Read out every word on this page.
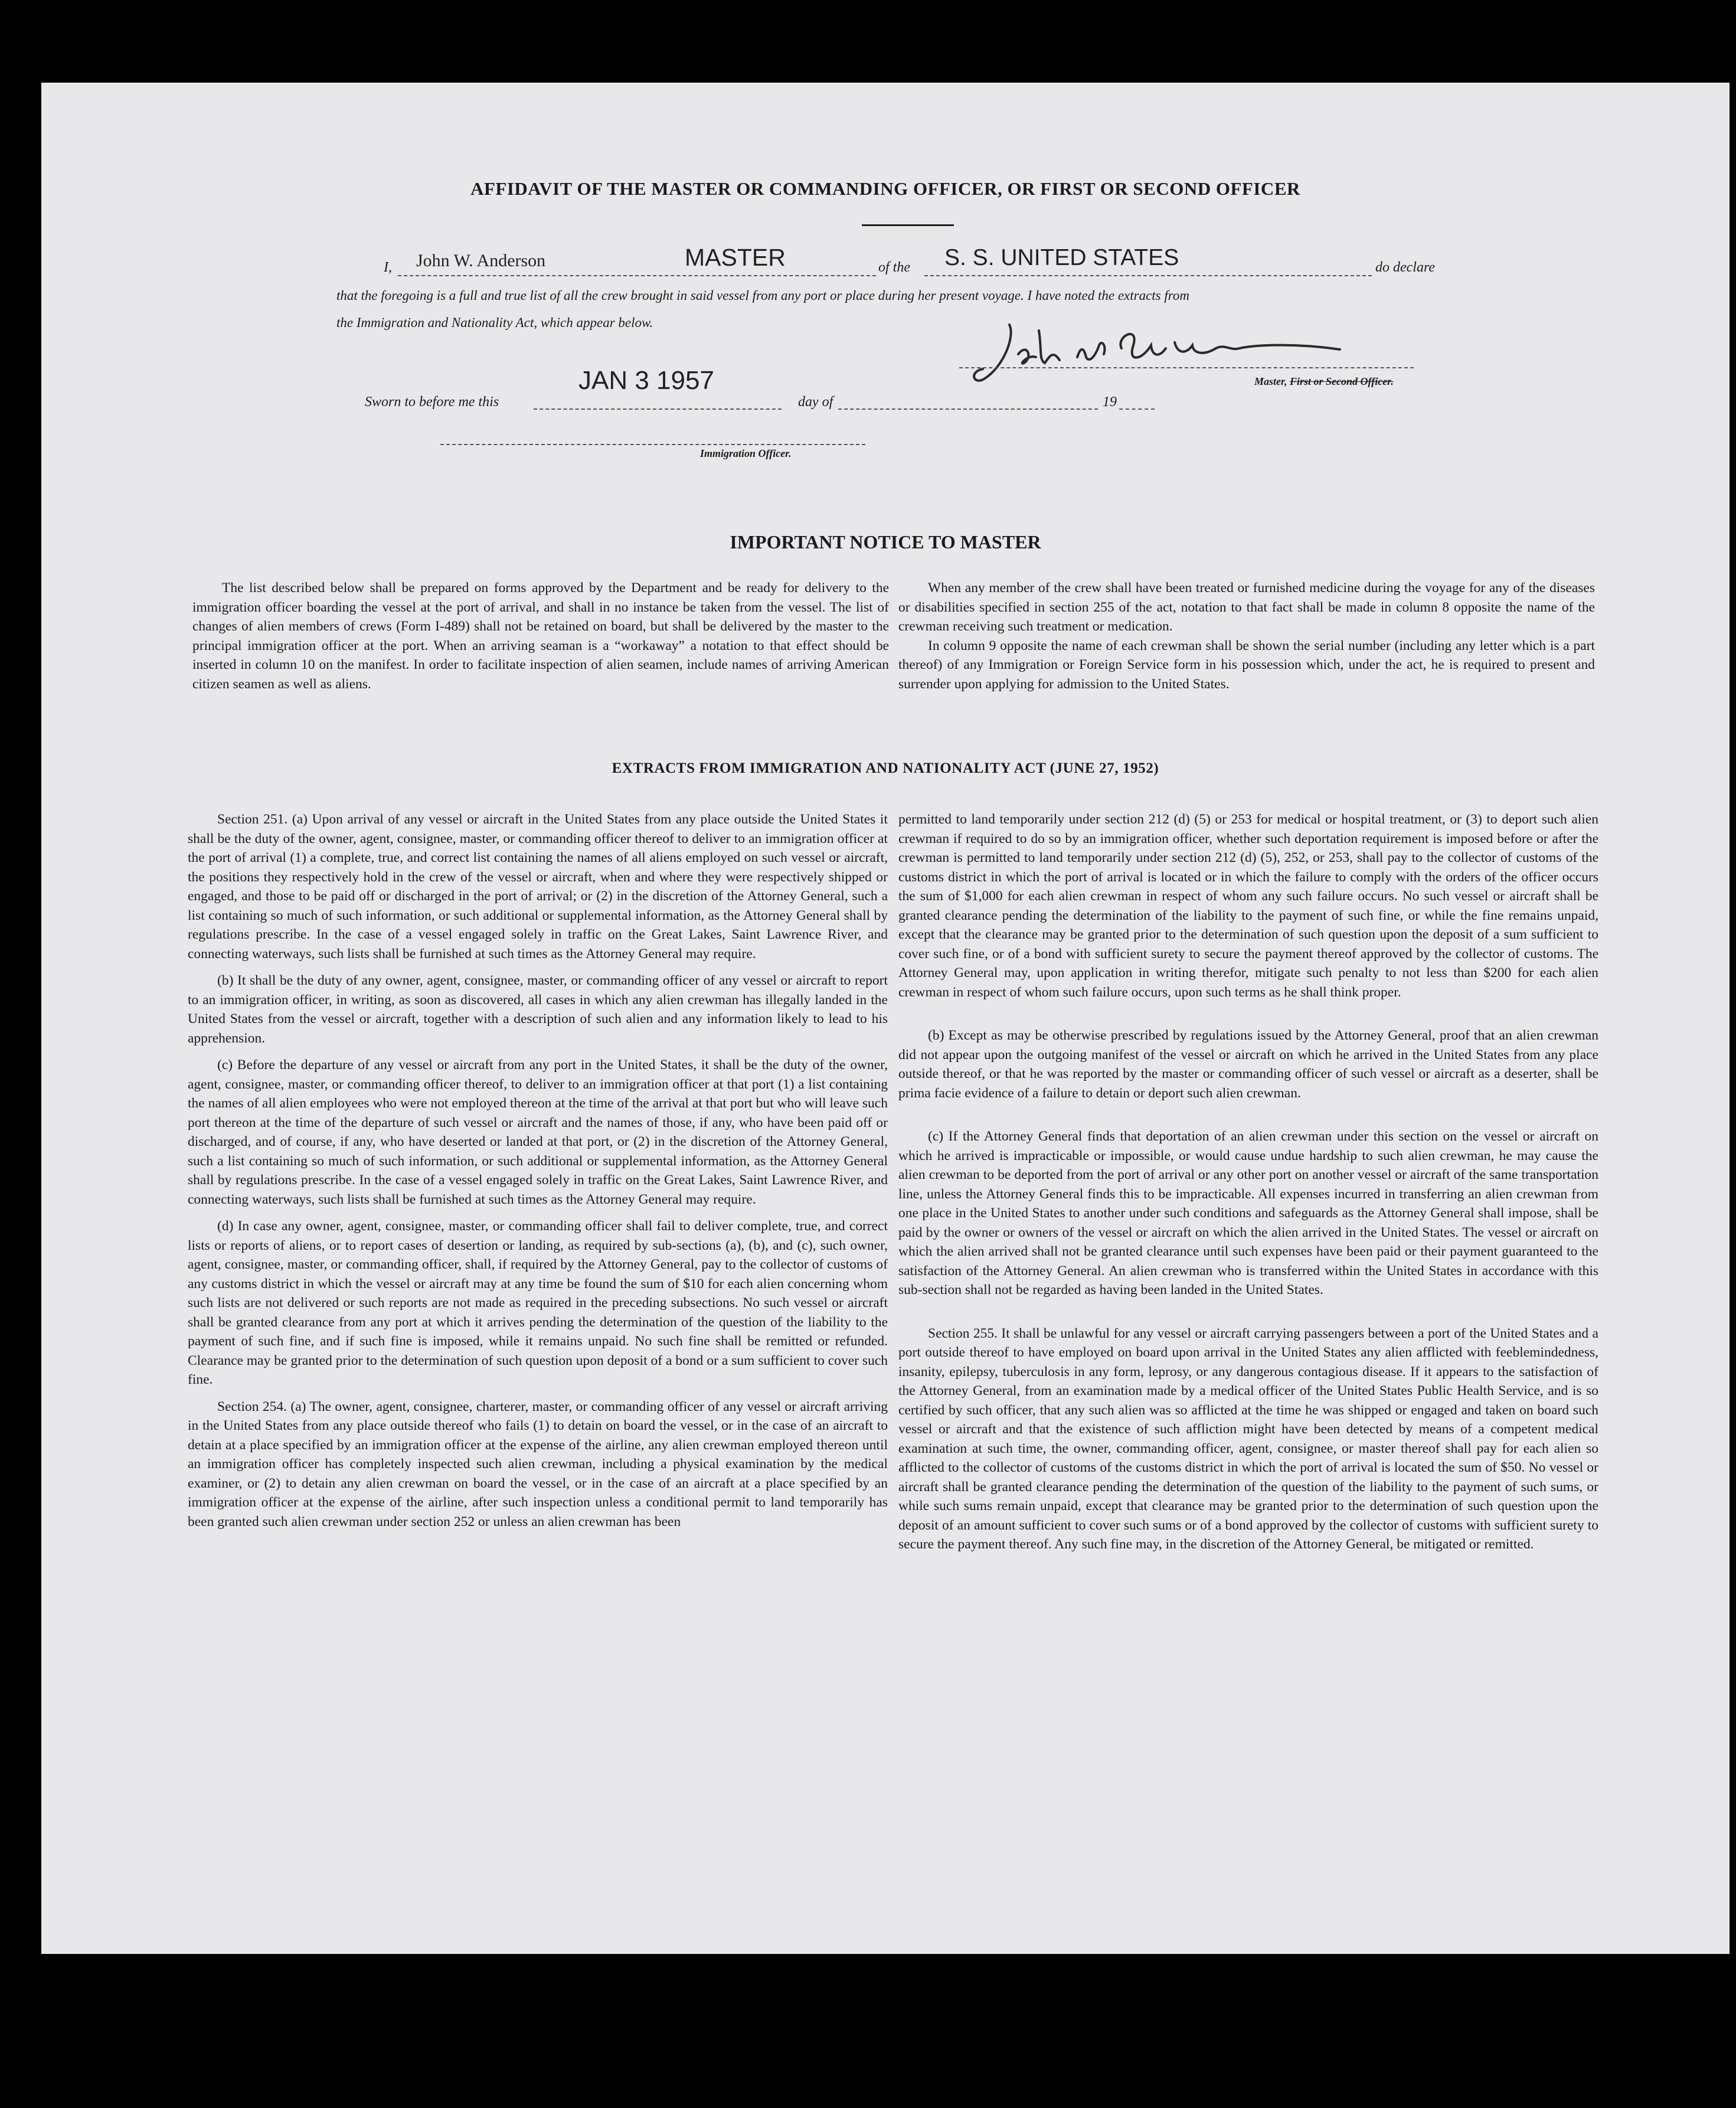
AFFIDAVIT OF THE MASTER OR COMMANDING OFFICER, OR FIRST OR SECOND OFFICER
I, John W. Anderson	MASTER	of the S. S. UNITED STATES	do declare
that the foregoing is a full and true list of all the crew brought in said vessel from any port or place during her present voyage. I have noted the extracts from
the Immigration and Nationality Act, which appear below.
Master, First or Second Officer.
Sworn to before me this
JAN 3 1957
day of	19
Immigration Officer.
IMPORTANT NOTICE TO MASTER

The list described below shall be prepared on forms approved by the Department and be ready for delivery to the immigration officer boarding the vessel at the port of arrival, and shall in no instance be taken from the vessel. The list of changes of alien members of crews (Form I-489) shall not be retained on board, but shall be delivered by the master to the principal immigration officer at the port. When an arriving seaman is a “workaway” a notation to that effect should be inserted in column 10 on the manifest. In order to facilitate inspection of alien seamen, include names of arriving American citizen seamen as well as aliens.

When any member of the crew shall have been treated or furnished medicine during the voyage for any of the diseases or disabilities specified in section 255 of the act, notation to that fact shall be made in column 8 opposite the name of the crewman receiving such treatment or medication.

In column 9 opposite the name of each crewman shall be shown the serial number (including any letter which is a part thereof) of any Immigration or Foreign Service form in his possession which, under the act, he is required to present and surrender upon applying for admission to the United States.

EXTRACTS FROM IMMIGRATION AND NATIONALITY ACT (JUNE 27, 1952)

Section 251. (a) Upon arrival of any vessel or aircraft in the United States from any place outside the United States it shall be the duty of the owner, agent, consignee, master, or commanding officer thereof to deliver to an immigration officer at the port of arrival (1) a complete, true, and correct list containing the names of all aliens employed on such vessel or aircraft, the positions they respectively hold in the crew of the vessel or aircraft, when and where they were respectively shipped or engaged, and those to be paid off or discharged in the port of arrival; or (2) in the discretion of the Attorney General, such a list containing so much of such information, or such additional or supplemental information, as the Attorney General shall by regulations prescribe. In the case of a vessel engaged solely in traffic on the Great Lakes, Saint Lawrence River, and connecting waterways, such lists shall be furnished at such times as the Attorney General may require.

(b) It shall be the duty of any owner, agent, consignee, master, or commanding officer of any vessel or aircraft to report to an immigration officer, in writing, as soon as discovered, all cases in which any alien crewman has illegally landed in the United States from the vessel or aircraft, together with a description of such alien and any information likely to lead to his apprehension.

(c) Before the departure of any vessel or aircraft from any port in the United States, it shall be the duty of the owner, agent, consignee, master, or commanding officer thereof, to deliver to an immigration officer at that port (1) a list containing the names of all alien employees who were not employed thereon at the time of the arrival at that port but who will leave such port thereon at the time of the departure of such vessel or aircraft and the names of those, if any, who have been paid off or discharged, and of course, if any, who have deserted or landed at that port, or (2) in the discretion of the Attorney General, such a list containing so much of such information, or such additional or supplemental information, as the Attorney General shall by regulations prescribe. In the case of a vessel engaged solely in traffic on the Great Lakes, Saint Lawrence River, and connecting waterways, such lists shall be furnished at such times as the Attorney General may require.

(d) In case any owner, agent, consignee, master, or commanding officer shall fail to deliver complete, true, and correct lists or reports of aliens, or to report cases of desertion or landing, as required by sub-sections (a), (b), and (c), such owner, agent, consignee, master, or commanding officer, shall, if required by the Attorney General, pay to the collector of customs of any customs district in which the vessel or aircraft may at any time be found the sum of $10 for each alien concerning whom such lists are not delivered or such reports are not made as required in the preceding subsections. No such vessel or aircraft shall be granted clearance from any port at which it arrives pending the determination of the question of the liability to the payment of such fine, and if such fine is imposed, while it remains unpaid. No such fine shall be remitted or refunded. Clearance may be granted prior to the determination of such question upon deposit of a bond or a sum sufficient to cover such fine.

Section 254. (a) The owner, agent, consignee, charterer, master, or commanding officer of any vessel or aircraft arriving in the United States from any place outside thereof who fails (1) to detain on board the vessel, or in the case of an aircraft to detain at a place specified by an immigration officer at the expense of the airline, any alien crewman employed thereon until an immigration officer has completely inspected such alien crewman, including a physical examination by the medical examiner, or (2) to detain any alien crewman on board the vessel, or in the case of an aircraft at a place specified by an immigration officer at the expense of the airline, after such inspection unless a conditional permit to land temporarily has been granted such alien crewman under section 252 or unless an alien crewman has been

permitted to land temporarily under section 212 (d) (5) or 253 for medical or hospital treatment, or (3) to deport such alien crewman if required to do so by an immigration officer, whether such deportation requirement is imposed before or after the crewman is permitted to land temporarily under section 212 (d) (5), 252, or 253, shall pay to the collector of customs of the customs district in which the port of arrival is located or in which the failure to comply with the orders of the officer occurs the sum of $1,000 for each alien crewman in respect of whom any such failure occurs. No such vessel or aircraft shall be granted clearance pending the determination of the liability to the payment of such fine, or while the fine remains unpaid, except that the clearance may be granted prior to the determination of such question upon the deposit of a sum sufficient to cover such fine, or of a bond with sufficient surety to secure the payment thereof approved by the collector of customs. The Attorney General may, upon application in writing therefor, mitigate such penalty to not less than $200 for each alien crewman in respect of whom such failure occurs, upon such terms as he shall think proper.

(b) Except as may be otherwise prescribed by regulations issued by the Attorney General, proof that an alien crewman did not appear upon the outgoing manifest of the vessel or aircraft on which he arrived in the United States from any place outside thereof, or that he was reported by the master or commanding officer of such vessel or aircraft as a deserter, shall be prima facie evidence of a failure to detain or deport such alien crewman.

(c) If the Attorney General finds that deportation of an alien crewman under this section on the vessel or aircraft on which he arrived is impracticable or impossible, or would cause undue hardship to such alien crewman, he may cause the alien crewman to be deported from the port of arrival or any other port on another vessel or aircraft of the same transportation line, unless the Attorney General finds this to be impracticable. All expenses incurred in transferring an alien crewman from one place in the United States to another under such conditions and safeguards as the Attorney General shall impose, shall be paid by the owner or owners of the vessel or aircraft on which the alien arrived in the United States. The vessel or aircraft on which the alien arrived shall not be granted clearance until such expenses have been paid or their payment guaranteed to the satisfaction of the Attorney General. An alien crewman who is transferred within the United States in accordance with this sub-section shall not be regarded as having been landed in the United States.

Section 255. It shall be unlawful for any vessel or aircraft carrying passengers between a port of the United States and a port outside thereof to have employed on board upon arrival in the United States any alien afflicted with feeblemindedness, insanity, epilepsy, tuberculosis in any form, leprosy, or any dangerous contagious disease. If it appears to the satisfaction of the Attorney General, from an examination made by a medical officer of the United States Public Health Service, and is so certified by such officer, that any such alien was so afflicted at the time he was shipped or engaged and taken on board such vessel or aircraft and that the existence of such affliction might have been detected by means of a competent medical examination at such time, the owner, commanding officer, agent, consignee, or master thereof shall pay for each alien so afflicted to the collector of customs of the customs district in which the port of arrival is located the sum of $50. No vessel or aircraft shall be granted clearance pending the determination of the question of the liability to the payment of such sums, or while such sums remain unpaid, except that clearance may be granted prior to the determination of such question upon the deposit of an amount sufficient to cover such sums or of a bond approved by the collector of customs with sufficient surety to secure the payment thereof. Any such fine may, in the discretion of the Attorney General, be mitigated or remitted.
